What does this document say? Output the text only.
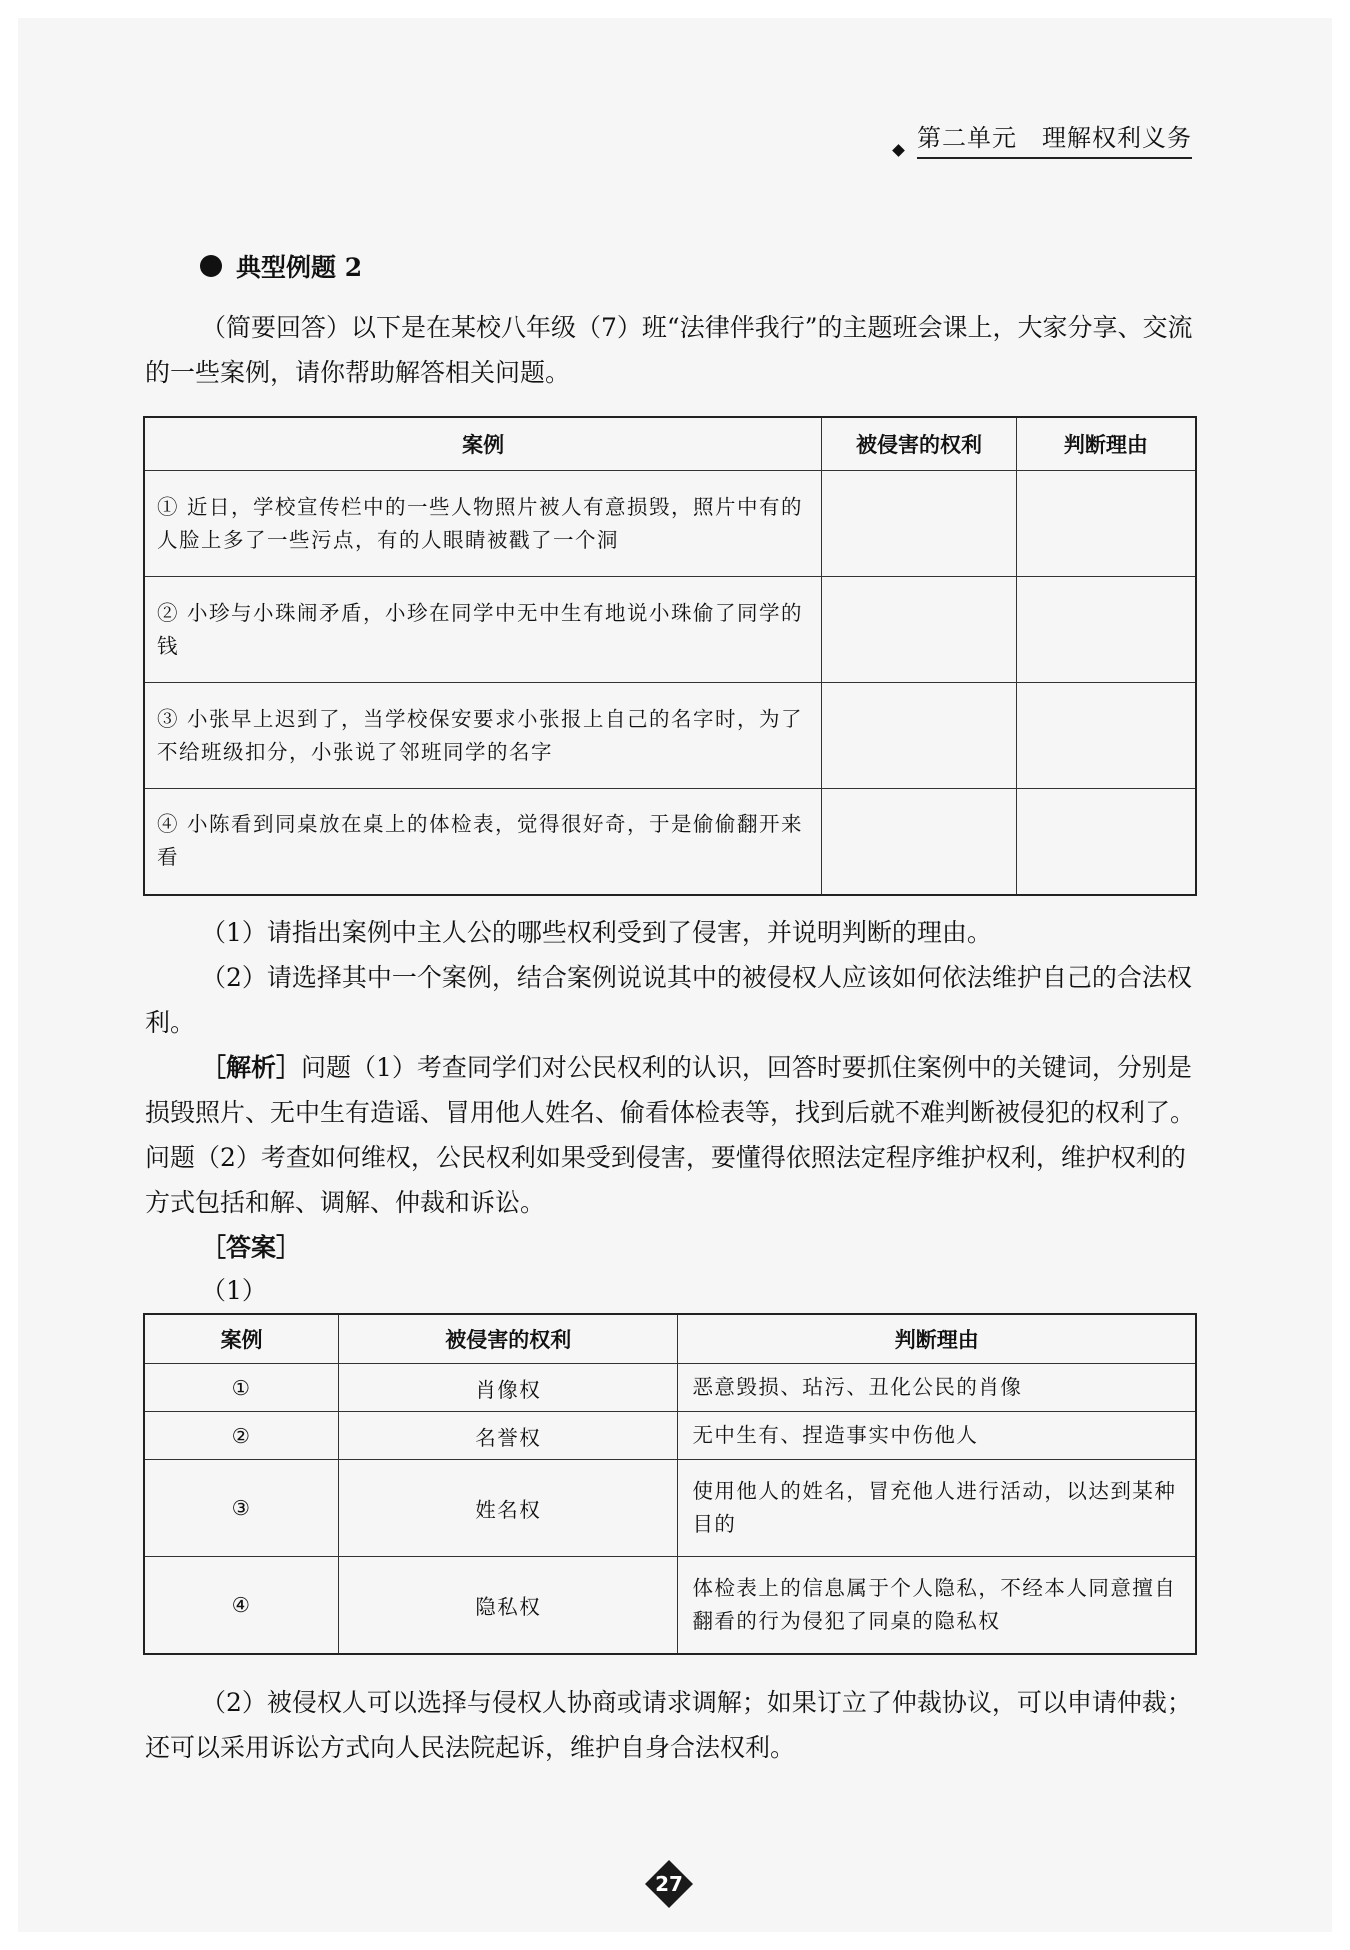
第二单元　理解权利义务
典型例题 2
（简要回答）以下是在某校八年级（7）班“法律伴我行”的主题班会课上，大家分享、交流的一些案例，请你帮助解答相关问题。
案例	被侵害的权利	判断理由
① 近日，学校宣传栏中的一些人物照片被人有意损毁，照片中有的人脸上多了一些污点，有的人眼睛被戳了一个洞		
② 小珍与小珠闹矛盾，小珍在同学中无中生有地说小珠偷了同学的钱		
③ 小张早上迟到了，当学校保安要求小张报上自己的名字时，为了不给班级扣分，小张说了邻班同学的名字		
④ 小陈看到同桌放在桌上的体检表，觉得很好奇，于是偷偷翻开来看		
（1）请指出案例中主人公的哪些权利受到了侵害，并说明判断的理由。
（2）请选择其中一个案例，结合案例说说其中的被侵权人应该如何依法维护自己的合法权利。
［解析］问题（1）考查同学们对公民权利的认识，回答时要抓住案例中的关键词，分别是损毁照片、无中生有造谣、冒用他人姓名、偷看体检表等，找到后就不难判断被侵犯的权利了。问题（2）考查如何维权，公民权利如果受到侵害，要懂得依照法定程序维护权利，维护权利的方式包括和解、调解、仲裁和诉讼。
［答案］
（1）
案例	被侵害的权利	判断理由
①	肖像权	恶意毁损、玷污、丑化公民的肖像
②	名誉权	无中生有、捏造事实中伤他人
③	姓名权	使用他人的姓名，冒充他人进行活动，以达到某种目的
④	隐私权	体检表上的信息属于个人隐私，不经本人同意擅自翻看的行为侵犯了同桌的隐私权
（2）被侵权人可以选择与侵权人协商或请求调解；如果订立了仲裁协议，可以申请仲裁；还可以采用诉讼方式向人民法院起诉，维护自身合法权利。
27
